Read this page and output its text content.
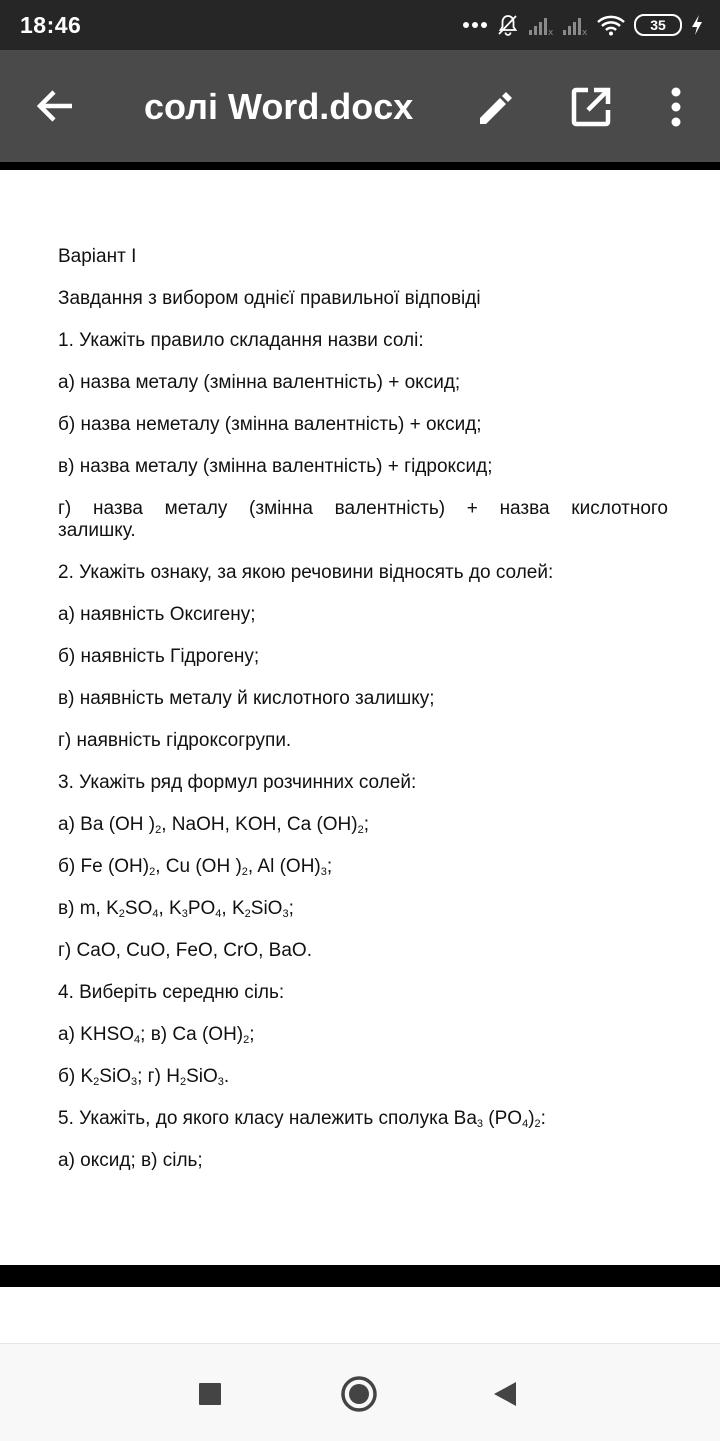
18:46	x	x	35
солі Word.docx

Варіант І

Завдання з вибором однієї правильної відповіді

1. Укажіть правило складання назви солі:

а) назва металу (змінна валентність) + оксид;

б) назва неметалу (змінна валентність) + оксид;

в) назва металу (змінна валентність) + гідроксид;

г) назва металу (змінна валентність) + назва кислотного залишку.

2. Укажіть ознаку, за якою речовини відносять до солей:

а) наявність Оксигену;

б) наявність Гідрогену;

в) наявність металу й кислотного залишку;

г) наявність гідроксогрупи.

3. Укажіть ряд формул розчинних солей:

а) Ba (OH )$_2$, NaOH, KOH, Ca $(OH)_2$;

б) Fe $(OH)_2$, Cu (OH )$_2$, Al $(OH)_3$;

в) m, $K_2SO_4$, $K_3PO_4$, $K_2SiO_3$;

г) CaO, CuO, FeO, CrO, BaO.

4. Виберіть середню сіль:

а) $KHSO_4$; в) Ca $(OH)_2$;

б) $K_2SiO_3$; г) $H_2SiO_3$.

5. Укажіть, до якого класу належить сполука $Ba_3$ $(PO_4)_2$:

а) оксид; в) сіль;
